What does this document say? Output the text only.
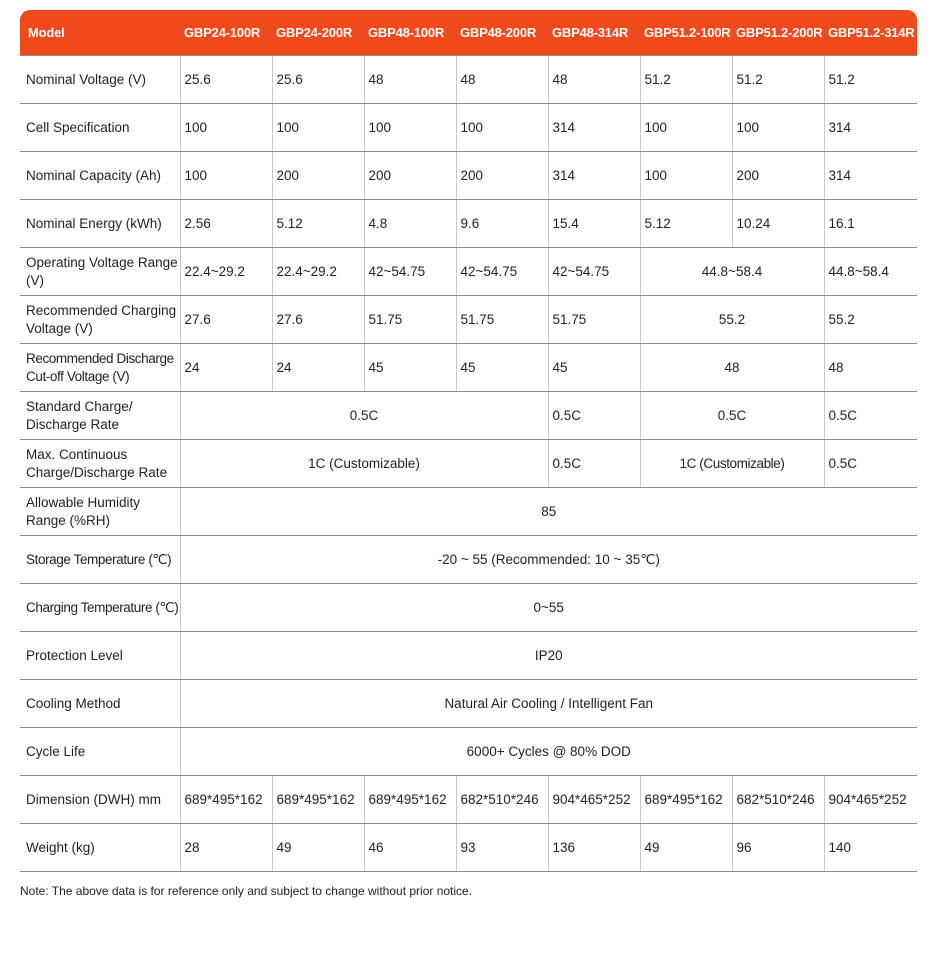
Model	GBP24-100R	GBP24-200R	GBP48-100R	GBP48-200R	GBP48-314R	GBP51.2-100R	GBP51.2-200R	GBP51.2-314R
Nominal Voltage (V)	25.6	25.6	48	48	48	51.2	51.2	51.2
Cell Specification	100	100	100	100	314	100	100	314
Nominal Capacity (Ah)	100	200	200	200	314	100	200	314
Nominal Energy (kWh)	2.56	5.12	4.8	9.6	15.4	5.12	10.24	16.1
Operating Voltage Range (V)	22.4~29.2	22.4~29.2	42~54.75	42~54.75	42~54.75	44.8~58.4		44.8~58.4
Recommended Charging Voltage (V)	27.6	27.6	51.75	51.75	51.75	55.2		55.2
Recommended Discharge Cut-off Voltage (V)	24	24	45	45	45	48		48
Standard Charge/ Discharge Rate	0.5C				0.5C	0.5C		0.5C
Max. Continuous Charge/Discharge Rate	1C (Customizable)				0.5C	1C (Customizable)		0.5C
Allowable Humidity Range (%RH)	85							
Storage Temperature (℃)	-20 ~ 55 (Recommended: 10 ~ 35℃)							
Charging Temperature (℃)	0~55							
Protection Level	IP20							
Cooling Method	Natural Air Cooling / Intelligent Fan							
Cycle Life	6000+ Cycles @ 80% DOD							
Dimension (DWH) mm	689*495*162	689*495*162	689*495*162	682*510*246	904*465*252	689*495*162	682*510*246	904*465*252
Weight (kg)	28	49	46	93	136	49	96	140
Note: The above data is for reference only and subject to change without prior notice.
